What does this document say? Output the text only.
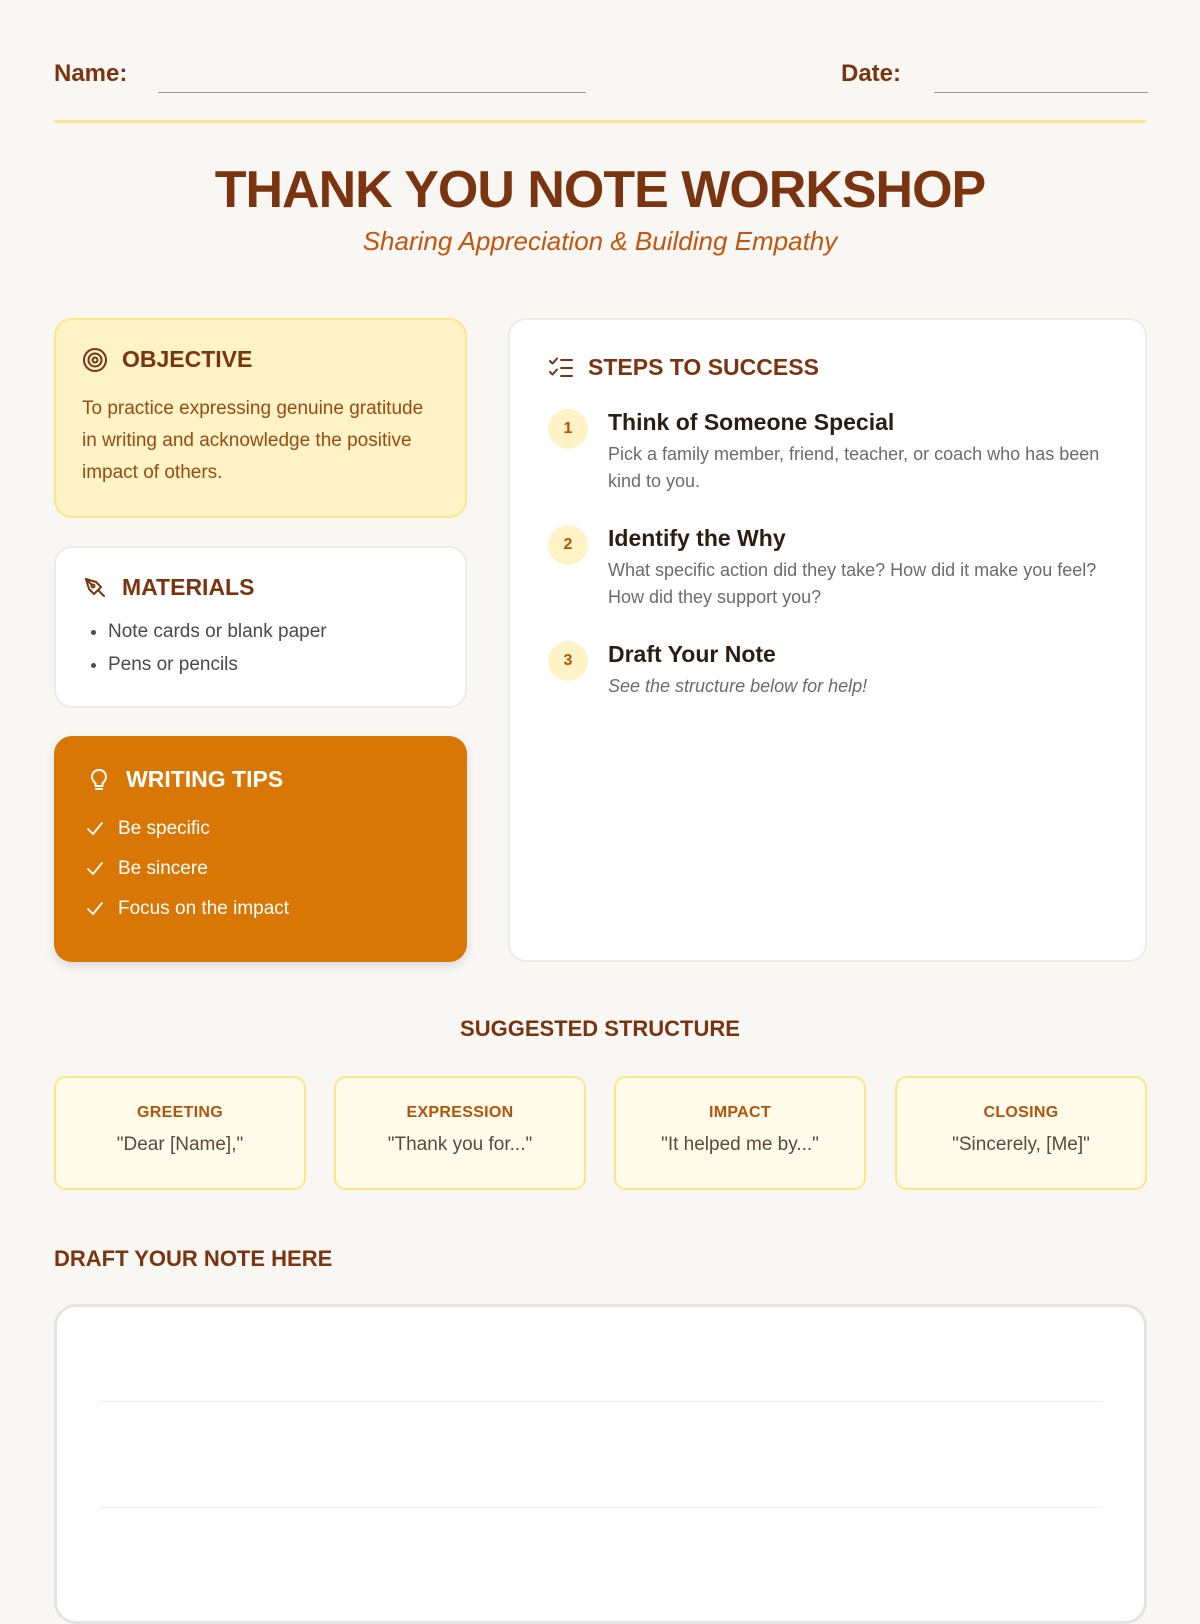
Name:	Date:
THANK YOU NOTE WORKSHOP
Sharing Appreciation & Building Empathy
OBJECTIVE
To practice expressing genuine gratitude in writing and acknowledge the positive impact of others.
MATERIALS
• Note cards or blank paper
• Pens or pencils
WRITING TIPS
Be specific
Be sincere
Focus on the impact
STEPS TO SUCCESS
1	Think of Someone Special
Pick a family member, friend, teacher, or coach who has been kind to you.
2	Identify the Why
What specific action did they take? How did it make you feel? How did they support you?
3	Draft Your Note
See the structure below for help!
SUGGESTED STRUCTURE
GREETING
"Dear [Name],"
EXPRESSION
"Thank you for..."
IMPACT
"It helped me by..."
CLOSING
"Sincerely, [Me]"
DRAFT YOUR NOTE HERE
